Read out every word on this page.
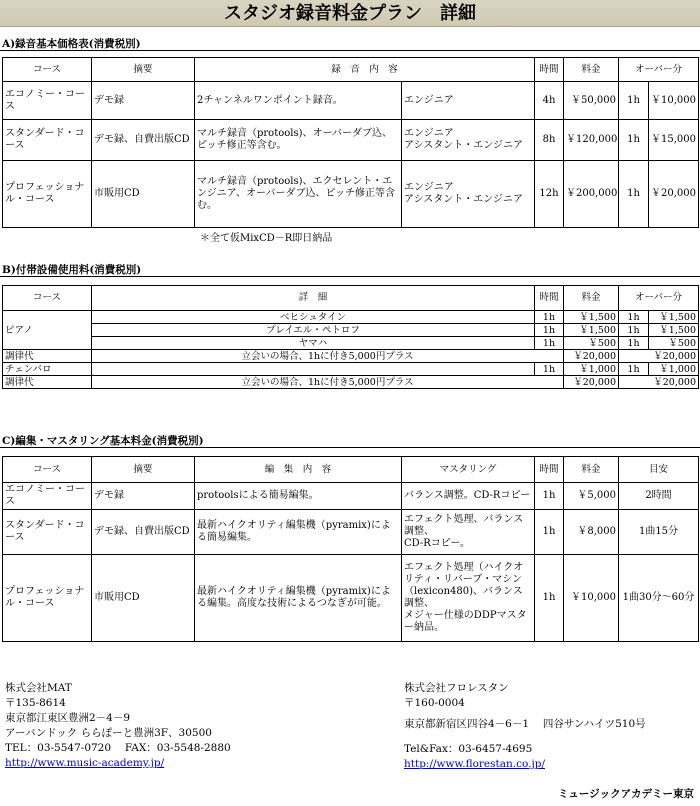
スタジオ録音料金プラン　詳細
A)録音基本価格表(消費税別)
コース	摘要	録　音　内　容		時間	料金	オーバー分	
エコノミー・コース	デモ録	2チャンネルワンポイント録音。	エンジニア	4h	￥50,000	1h	￥10,000
スタンダード・コース	デモ録、自費出版CD	マルチ録音（protools)、オーバーダブ込、ピッチ修正等含む。	エンジニア
アシスタント・エンジニア	8h	￥120,000	1h	￥15,000
プロフェッショナル・コース	市販用CD	マルチ録音（protools)、エクセレント・エンジニア、オーバーダブ込、ピッチ修正等含む。	エンジニア
アシスタント・エンジニア	12h	￥200,000	1h	￥20,000
＊全て仮MixCD－R即日納品
B)付帯設備使用料(消費税別)
コース	詳　細	時間	料金	オーバー分	
ピアノ	ベヒシュタイン	1h	￥1,500	1h	￥1,500
	プレイエル・ペトロフ	1h	￥1,500	1h	￥1,500
	ヤマハ	1h	￥500	1h	￥500
調律代	立会いの場合、1hに付き5,000円プラス		￥20,000	￥20,000	
チェンバロ		1h	￥1,000	1h	￥1,000
調律代	立会いの場合、1hに付き5,000円プラス		￥20,000	￥20,000	
C)編集・マスタリング基本料金(消費税別)
コース	摘要	編　集　内　容	マスタリング	時間	料金	目安
エコノミー・コース	デモ録	protoolsによる簡易編集。	バランス調整。CD-Rコピー	1h	￥5,000	2時間
スタンダード・コース	デモ録、自費出版CD	最新ハイクオリティ編集機（pyramix)による簡易編集。	エフェクト処理、バランス調整、
CD-Rコピー。	1h	￥8,000	1曲15分
プロフェッショナル・コース	市販用CD	最新ハイクオリティ編集機（pyramix)による編集。高度な技術によるつなぎが可能。	エフェクト処理（ハイクオリティ・リバーブ・マシン（lexicon480)、バランス調整、
メジャー仕様のDDPマスター納品。	1h	￥10,000	1曲30分～60分
株式会社MAT
〒135-8614
東京都江東区豊洲2－4－9
アーバンドック ららぽーと豊洲3F、30500
TEL：03-5547-0720　 FAX：03-5548-2880
http://www.music-academy.jp/
株式会社フロレスタン
〒160-0004
東京都新宿区四谷4－6－1　 四谷サンハイツ510号
Tel&Fax：03-6457-4695
http://www.florestan.co.jp/
ミュージックアカデミー東京
